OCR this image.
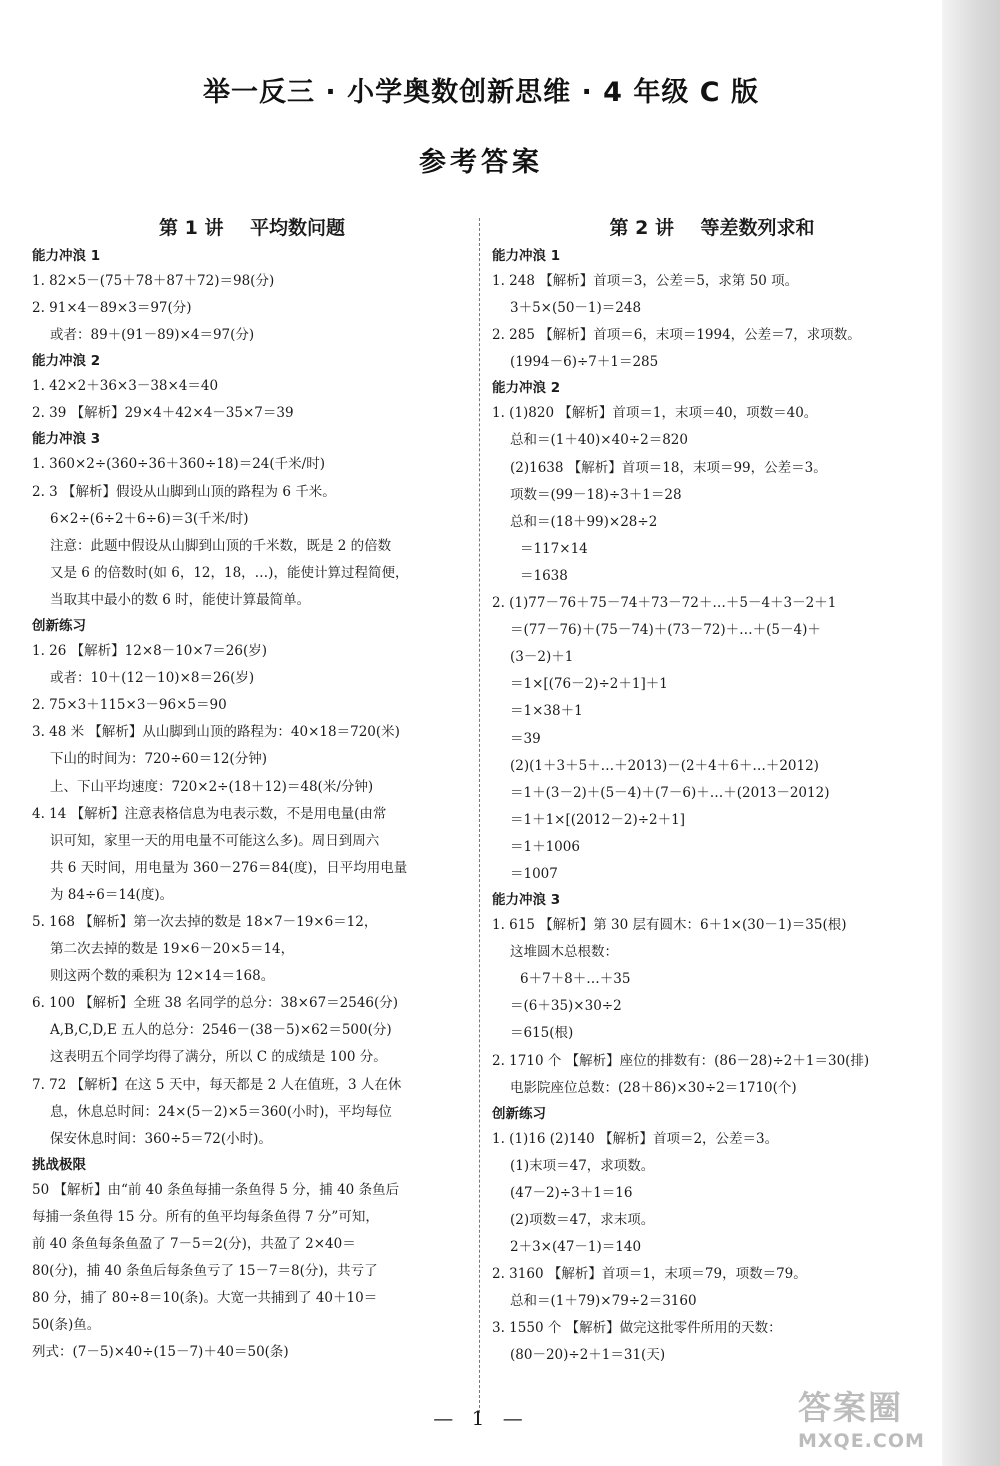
举一反三 · 小学奥数创新思维 · 4 年级 C 版
参考答案
第 1 讲    平均数问题
能力冲浪 1
1. 82×5－(75＋78＋87＋72)＝98(分)
2. 91×4－89×3＝97(分)
或者：89＋(91－89)×4＝97(分)
能力冲浪 2
1. 42×2＋36×3－38×4＝40
2. 39 【解析】29×4＋42×4－35×7＝39
能力冲浪 3
1. 360×2÷(360÷36＋360÷18)＝24(千米/时)
2. 3 【解析】假设从山脚到山顶的路程为 6 千米。
6×2÷(6÷2＋6÷6)＝3(千米/时)
注意：此题中假设从山脚到山顶的千米数，既是 2 的倍数
又是 6 的倍数时(如 6，12，18，…)，能使计算过程简便，
当取其中最小的数 6 时，能使计算最简单。
创新练习
1. 26 【解析】12×8－10×7＝26(岁)
或者：10＋(12－10)×8＝26(岁)
2. 75×3＋115×3－96×5＝90
3. 48 米 【解析】从山脚到山顶的路程为：40×18＝720(米)
下山的时间为：720÷60＝12(分钟)
上、下山平均速度：720×2÷(18＋12)＝48(米/分钟)
4. 14 【解析】注意表格信息为电表示数，不是用电量(由常
识可知，家里一天的用电量不可能这么多)。周日到周六
共 6 天时间，用电量为 360－276＝84(度)，日平均用电量
为 84÷6＝14(度)。
5. 168 【解析】第一次去掉的数是 18×7－19×6＝12，
第二次去掉的数是 19×6－20×5＝14，
则这两个数的乘积为 12×14＝168。
6. 100 【解析】全班 38 名同学的总分：38×67＝2546(分)
A,B,C,D,E 五人的总分：2546－(38－5)×62＝500(分)
这表明五个同学均得了满分，所以 C 的成绩是 100 分。
7. 72 【解析】在这 5 天中，每天都是 2 人在值班，3 人在休
息，休息总时间：24×(5－2)×5＝360(小时)，平均每位
保安休息时间：360÷5＝72(小时)。
挑战极限
50 【解析】由“前 40 条鱼每捕一条鱼得 5 分，捕 40 条鱼后
每捕一条鱼得 15 分。所有的鱼平均每条鱼得 7 分”可知，
前 40 条鱼每条鱼盈了 7－5＝2(分)，共盈了 2×40＝
80(分)，捕 40 条鱼后每条鱼亏了 15－7＝8(分)，共亏了
80 分，捕了 80÷8＝10(条)。大宽一共捕到了 40＋10＝
50(条)鱼。
列式：(7－5)×40÷(15－7)＋40＝50(条)
第 2 讲    等差数列求和
能力冲浪 1
1. 248 【解析】首项＝3，公差＝5，求第 50 项。
3＋5×(50－1)＝248
2. 285 【解析】首项＝6，末项＝1994，公差＝7，求项数。
(1994－6)÷7＋1＝285
能力冲浪 2
1. (1)820 【解析】首项＝1，末项＝40，项数＝40。
总和＝(1＋40)×40÷2＝820
(2)1638 【解析】首项＝18，末项＝99，公差＝3。
项数＝(99－18)÷3＋1＝28
总和＝(18＋99)×28÷2
＝117×14
＝1638
2. (1)77－76＋75－74＋73－72＋…＋5－4＋3－2＋1
＝(77－76)＋(75－74)＋(73－72)＋…＋(5－4)＋
(3－2)＋1
＝1×[(76－2)÷2＋1]＋1
＝1×38＋1
＝39
(2)(1＋3＋5＋…＋2013)－(2＋4＋6＋…＋2012)
＝1＋(3－2)＋(5－4)＋(7－6)＋…＋(2013－2012)
＝1＋1×[(2012－2)÷2＋1]
＝1＋1006
＝1007
能力冲浪 3
1. 615 【解析】第 30 层有圆木：6＋1×(30－1)＝35(根)
这堆圆木总根数：
6＋7＋8＋…＋35
＝(6＋35)×30÷2
＝615(根)
2. 1710 个 【解析】座位的排数有：(86－28)÷2＋1＝30(排)
电影院座位总数：(28＋86)×30÷2＝1710(个)
创新练习
1. (1)16 (2)140 【解析】首项＝2，公差＝3。
(1)末项＝47，求项数。
(47－2)÷3＋1＝16
(2)项数＝47，求末项。
2＋3×(47－1)＝140
2. 3160 【解析】首项＝1，末项＝79，项数＝79。
总和＝(1＋79)×79÷2＝3160
3. 1550 个 【解析】做完这批零件所用的天数：
(80－20)÷2＋1＝31(天)
— 1 —	答案圈
MXQE.COM
